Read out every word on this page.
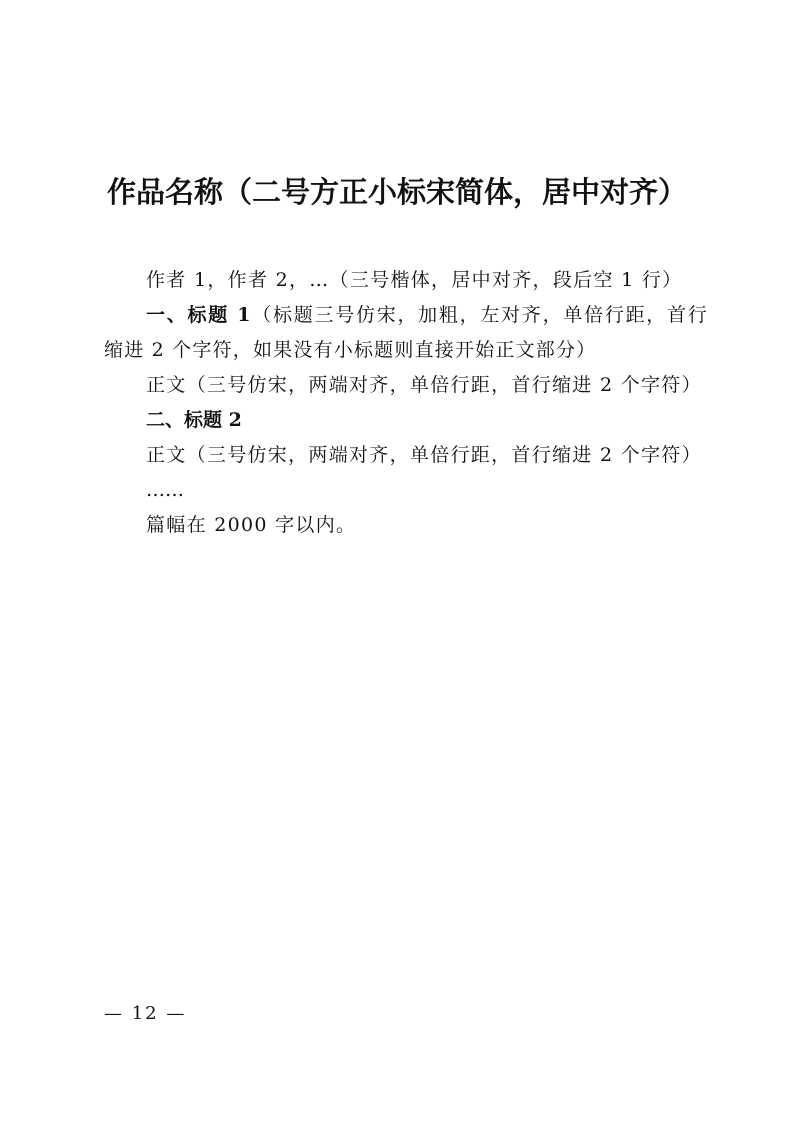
作品名称（二号方正小标宋简体，居中对齐）

作者 1，作者 2，…（三号楷体，居中对齐，段后空 1 行）

一、标题 1（标题三号仿宋，加粗，左对齐，单倍行距，首行缩进 2 个字符，如果没有小标题则直接开始正文部分）

正文（三号仿宋，两端对齐，单倍行距，首行缩进 2 个字符）

二、标题 2

正文（三号仿宋，两端对齐，单倍行距，首行缩进 2 个字符）

……

篇幅在 2000 字以内。

— 12 —
